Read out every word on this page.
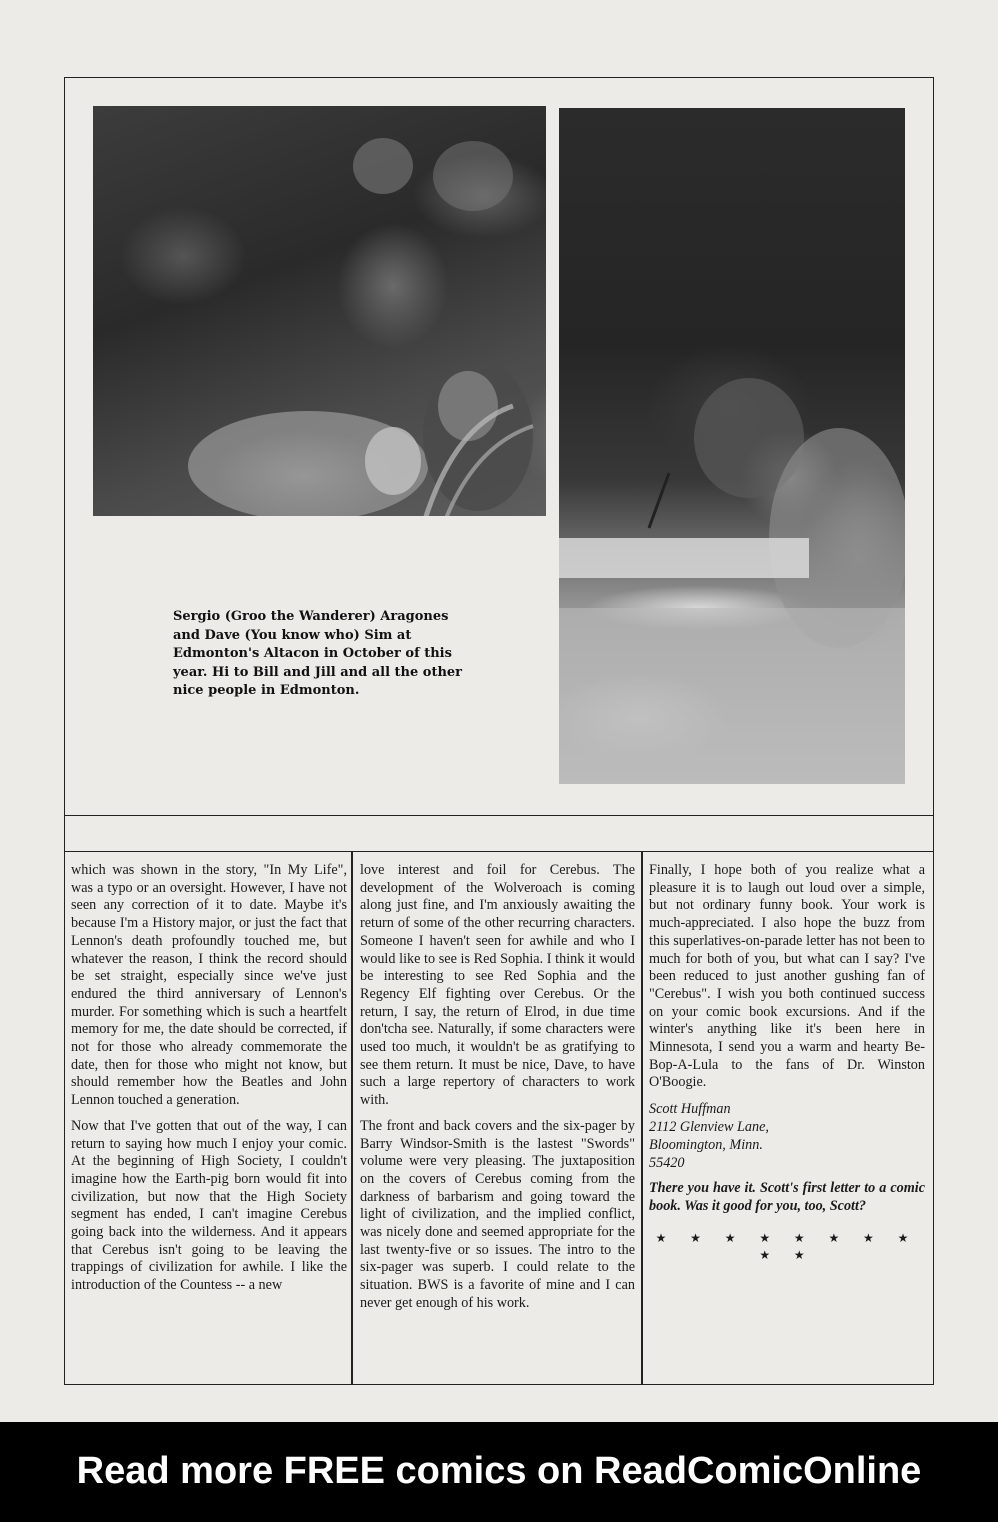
Sergio (Groo the Wanderer) Aragones and Dave (You know who) Sim at Edmonton's Altacon in October of this year. Hi to Bill and Jill and all the other nice people in Edmonton.

which was shown in the story, "In My Life", was a typo or an oversight. However, I have not seen any correction of it to date. Maybe it's because I'm a History major, or just the fact that Lennon's death profoundly touched me, but whatever the reason, I think the record should be set straight, especially since we've just endured the third anniversary of Lennon's murder. For something which is such a heartfelt memory for me, the date should be corrected, if not for those who already commemorate the date, then for those who might not know, but should remember how the Beatles and John Lennon touched a generation.

Now that I've gotten that out of the way, I can return to saying how much I enjoy your comic. At the beginning of High Society, I couldn't imagine how the Earth-pig born would fit into civilization, but now that the High Society segment has ended, I can't imagine Cerebus going back into the wilderness. And it appears that Cerebus isn't going to be leaving the trappings of civilization for awhile. I like the introduction of the Countess -- a new

love interest and foil for Cerebus. The development of the Wolveroach is coming along just fine, and I'm anxiously awaiting the return of some of the other recurring characters. Someone I haven't seen for awhile and who I would like to see is Red Sophia. I think it would be interesting to see Red Sophia and the Regency Elf fighting over Cerebus. Or the return, I say, the return of Elrod, in due time don'tcha see. Naturally, if some characters were used too much, it wouldn't be as gratifying to see them return. It must be nice, Dave, to have such a large repertory of characters to work with.

The front and back covers and the six-pager by Barry Windsor-Smith is the lastest "Swords" volume were very pleasing. The juxtaposition on the covers of Cerebus coming from the darkness of barbarism and going toward the light of civilization, and the implied conflict, was nicely done and seemed appropriate for the last twenty-five or so issues. The intro to the six-pager was superb. I could relate to the situation. BWS is a favorite of mine and I can never get enough of his work.

Finally, I hope both of you realize what a pleasure it is to laugh out loud over a simple, but not ordinary funny book. Your work is much-appreciated. I also hope the buzz from this superlatives-on-parade letter has not been to much for both of you, but what can I say? I've been reduced to just another gushing fan of "Cerebus". I wish you both continued success on your comic book excursions. And if the winter's anything like it's been here in Minnesota, I send you a warm and hearty Be-Bop-A-Lula to the fans of Dr. Winston O'Boogie.

Scott Huffman
2112 Glenview Lane,
Bloomington, Minn.
55420

There you have it. Scott's first letter to a comic book. Was it good for you, too, Scott?

★ ★ ★ ★ ★ ★ ★ ★ ★ ★
Read more FREE comics on ReadComicOnline
